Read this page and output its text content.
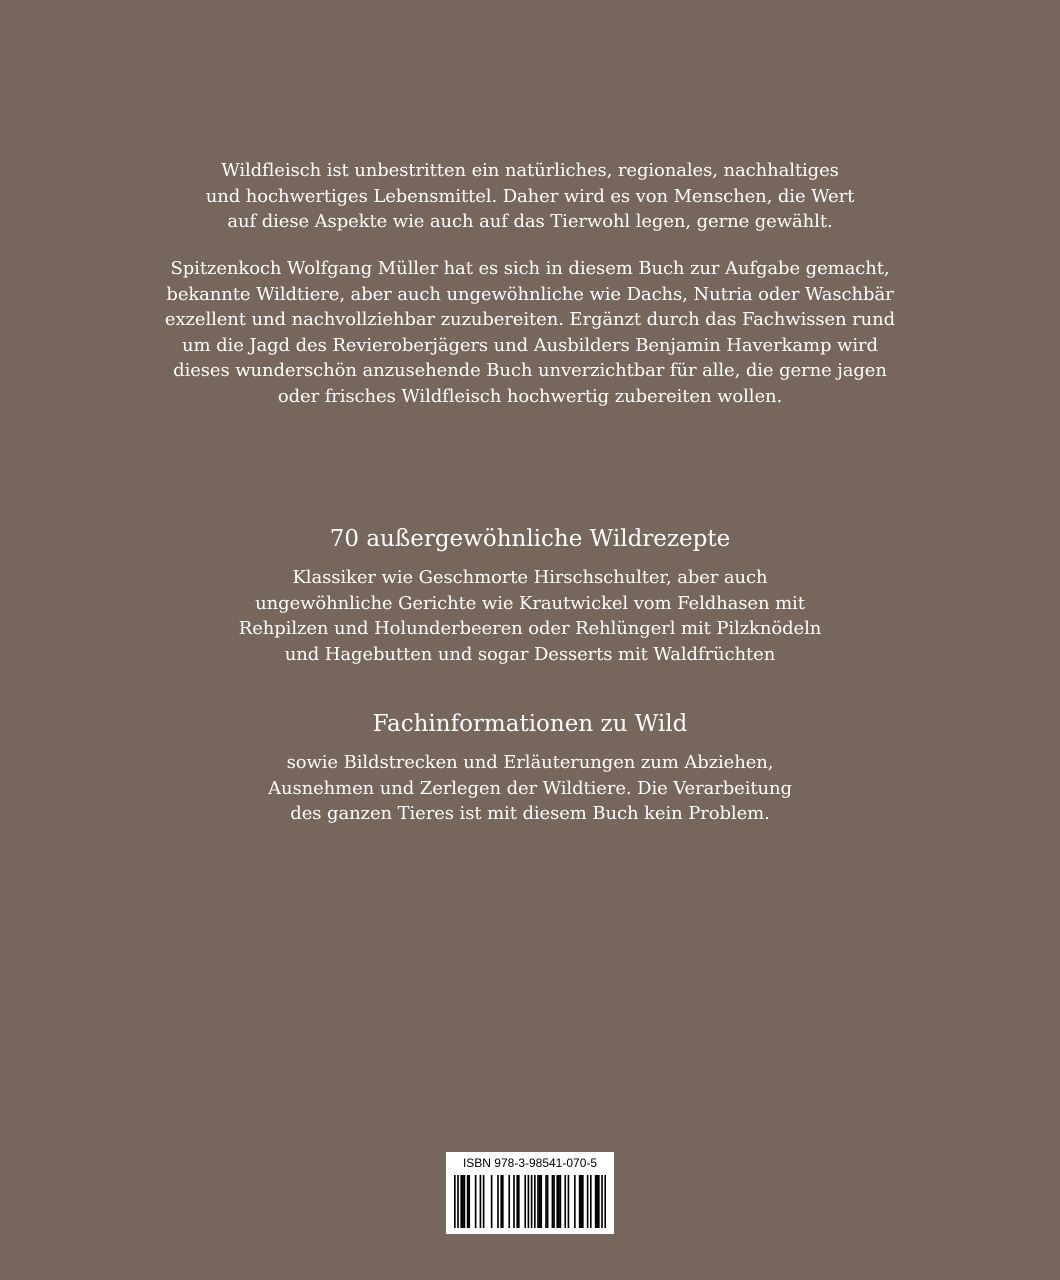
Wildfleisch ist unbestritten ein natürliches, regionales, nachhaltiges
und hochwertiges Lebensmittel. Daher wird es von Menschen, die Wert
auf diese Aspekte wie auch auf das Tierwohl legen, gerne gewählt.
Spitzenkoch Wolfgang Müller hat es sich in diesem Buch zur Aufgabe gemacht,
bekannte Wildtiere, aber auch ungewöhnliche wie Dachs, Nutria oder Waschbär
exzellent und nachvollziehbar zuzubereiten. Ergänzt durch das Fachwissen rund
um die Jagd des Revieroberjägers und Ausbilders Benjamin Haverkamp wird
dieses wunderschön anzusehende Buch unverzichtbar für alle, die gerne jagen
oder frisches Wildfleisch hochwertig zubereiten wollen.
70 außergewöhnliche Wildrezepte
Klassiker wie Geschmorte Hirschschulter, aber auch
ungewöhnliche Gerichte wie Krautwickel vom Feldhasen mit
Rehpilzen und Holunderbeeren oder Rehlüngerl mit Pilzknödeln
und Hagebutten und sogar Desserts mit Waldfrüchten
Fachinformationen zu Wild
sowie Bildstrecken und Erläuterungen zum Abziehen,
Ausnehmen und Zerlegen der Wildtiere. Die Verarbeitung
des ganzen Tieres ist mit diesem Buch kein Problem.
ISBN 978-3-98541-070-5
